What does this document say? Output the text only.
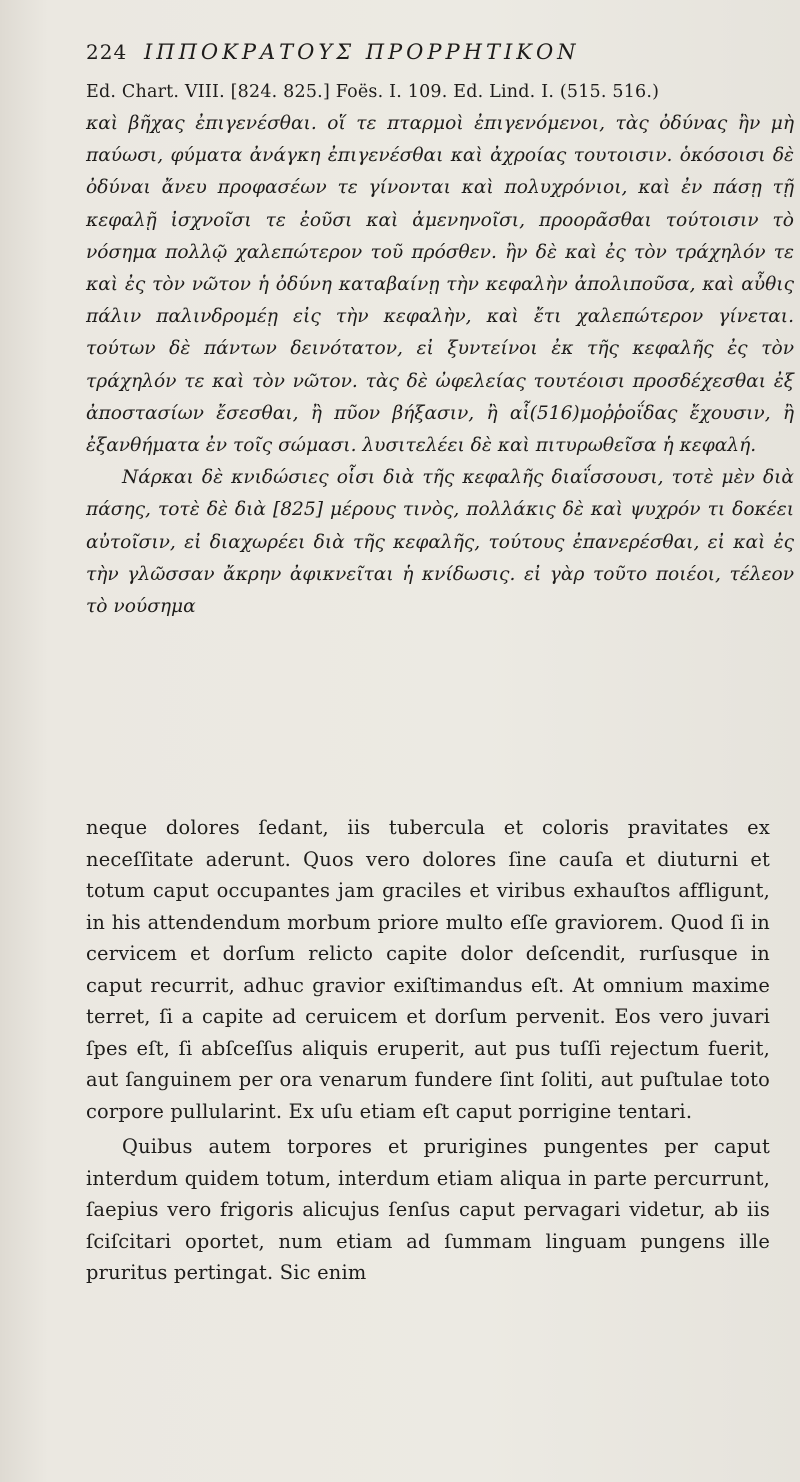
224 ΙΠΠΟΚΡΑΤΟΥΣ ΠΡΟΡΡΗΤΙΚΟΝ
Ed. Chart. VIII. [824. 825.] Foës. I. 109. Ed. Lind. I. (515. 516.)

καὶ βῆχας ἐπιγενέσθαι. οἵ τε πταρμοὶ ἐπιγενόμενοι, τὰς ὀδύνας ἢν μὴ παύωσι, φύματα ἀνάγκη ἐπιγενέσθαι καὶ ἀχροίας τουτοισιν. ὁκόσοισι δὲ ὀδύναι ἄνευ προφασέων τε γίνονται καὶ πολυχρόνιοι, καὶ ἐν πάσῃ τῇ κεφαλῇ ἰσχνοῖσι τε ἐοῦσι καὶ ἀμενηνοῖσι, προορᾶσθαι τούτοισιν τὸ νόσημα πολλῷ χαλεπώτερον τοῦ πρόσθεν. ἢν δὲ καὶ ἐς τὸν τράχηλόν τε καὶ ἐς τὸν νῶτον ἡ ὀδύνη καταβαίνῃ τὴν κεφαλὴν ἀπολιποῦσα, καὶ αὖθις πάλιν παλινδρομέῃ εἰς τὴν κεφαλὴν, καὶ ἔτι χαλεπώτερον γίνεται. τούτων δὲ πάντων δεινότατον, εἰ ξυντείνοι ἐκ τῆς κεφαλῆς ἐς τὸν τράχηλόν τε καὶ τὸν νῶτον. τὰς δὲ ὠφελείας τουτέοισι προσδέχεσθαι ἐξ ἀποστασίων ἔσεσθαι, ἢ πῦον βήξασιν, ἢ αἷ(516)μοῤῥοΐδας ἔχουσιν, ἢ ἐξανθήματα ἐν τοῖς σώμασι. λυσιτελέει δὲ καὶ πιτυρωθεῖσα ἡ κεφαλή.

Νάρκαι δὲ κνιδώσιες οἷσι διὰ τῆς κεφαλῆς διαΐσσουσι, τοτὲ μὲν διὰ πάσης, τοτὲ δὲ διὰ [825] μέρους τινὸς, πολλάκις δὲ καὶ ψυχρόν τι δοκέει αὐτοῖσιν, εἰ διαχωρέει διὰ τῆς κεφαλῆς, τούτους ἐπανερέσθαι, εἰ καὶ ἐς τὴν γλῶσσαν ἄκρην ἀφικνεῖται ἡ κνίδωσις. εἰ γὰρ τοῦτο ποιέοι, τέλεον τὸ νούσημα

neque dolores ſedant, iis tubercula et coloris pravitates ex neceſſitate aderunt. Quos vero dolores ſine cauſa et diuturni et totum caput occupantes jam graciles et viribus exhauſtos affligunt, in his attendendum morbum priore multo eſſe graviorem. Quod ſi in cervicem et dorſum relicto capite dolor deſcendit, rurſusque in caput recurrit, adhuc gravior exiſtimandus eſt. At omnium maxime terret, ſi a capite ad ceruicem et dorſum pervenit. Eos vero juvari ſpes eſt, ſi abſceſſus aliquis eruperit, aut pus tuſſi rejectum fuerit, aut ſanguinem per ora venarum fundere ſint ſoliti, aut puſtulae toto corpore pullularint. Ex uſu etiam eſt caput porrigine tentari.

Quibus autem torpores et prurigines pungentes per caput interdum quidem totum, interdum etiam aliqua in parte percurrunt, ſaepius vero frigoris alicujus ſenſus caput pervagari videtur, ab iis ſciſcitari oportet, num etiam ad ſummam linguam pungens ille pruritus pertingat. Sic enim
